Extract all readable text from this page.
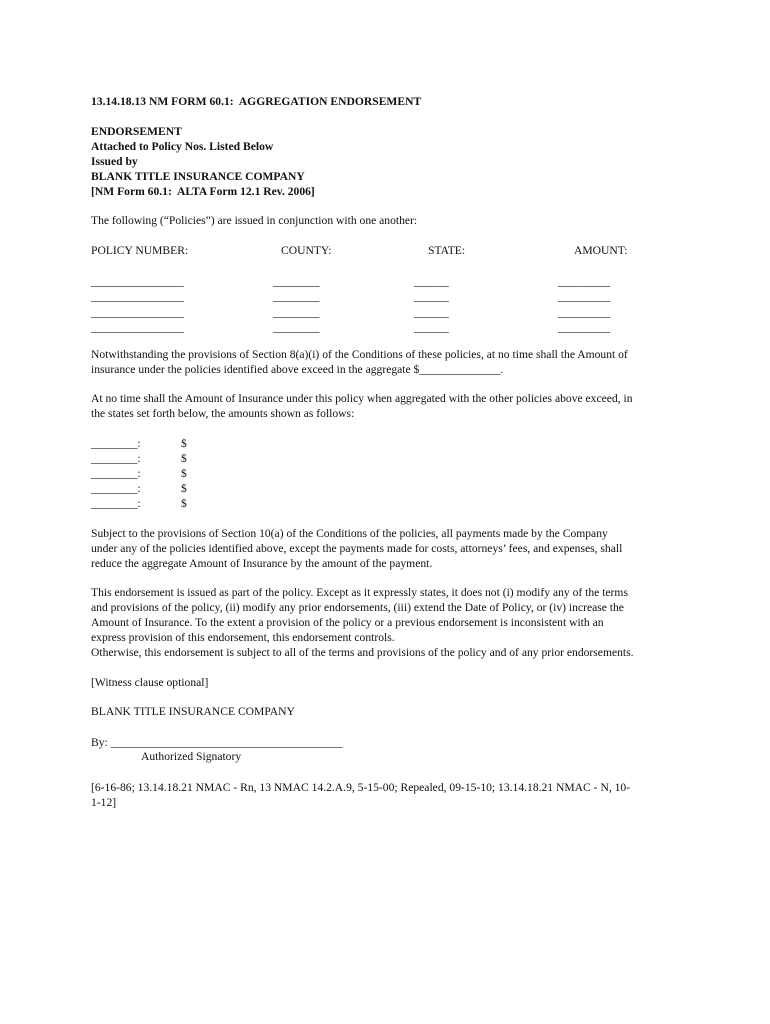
13.14.18.13 NM FORM 60.1:  AGGREGATION ENDORSEMENT
ENDORSEMENT
Attached to Policy Nos. Listed Below
Issued by
BLANK TITLE INSURANCE COMPANY
[NM Form 60.1:  ALTA Form 12.1 Rev. 2006]
The following (“Policies”) are issued in conjunction with one another:
POLICY NUMBER:	COUNTY:	STATE:	AMOUNT:
________________	________	______	_________
________________	________	______	_________
________________	________	______	_________
________________	________	______	_________
Notwithstanding the provisions of Section 8(a)(i) of the Conditions of these policies, at no time shall the Amount of
insurance under the policies identified above exceed in the aggregate $______________.
At no time shall the Amount of Insurance under this policy when aggregated with the other policies above exceed, in
the states set forth below, the amounts shown as follows:
________:	$
________:	$
________:	$
________:	$
________:	$
Subject to the provisions of Section 10(a) of the Conditions of the policies, all payments made by the Company
under any of the policies identified above, except the payments made for costs, attorneys’ fees, and expenses, shall
reduce the aggregate Amount of Insurance by the amount of the payment.
This endorsement is issued as part of the policy. Except as it expressly states, it does not (i) modify any of the terms
and provisions of the policy, (ii) modify any prior endorsements, (iii) extend the Date of Policy, or (iv) increase the
Amount of Insurance. To the extent a provision of the policy or a previous endorsement is inconsistent with an
express provision of this endorsement, this endorsement controls.
Otherwise, this endorsement is subject to all of the terms and provisions of the policy and of any prior endorsements.
[Witness clause optional]
BLANK TITLE INSURANCE COMPANY
By: ________________________________________
Authorized Signatory
[6-16-86; 13.14.18.21 NMAC - Rn, 13 NMAC 14.2.A.9, 5-15-00; Repealed, 09-15-10; 13.14.18.21 NMAC - N, 10-
1-12]
